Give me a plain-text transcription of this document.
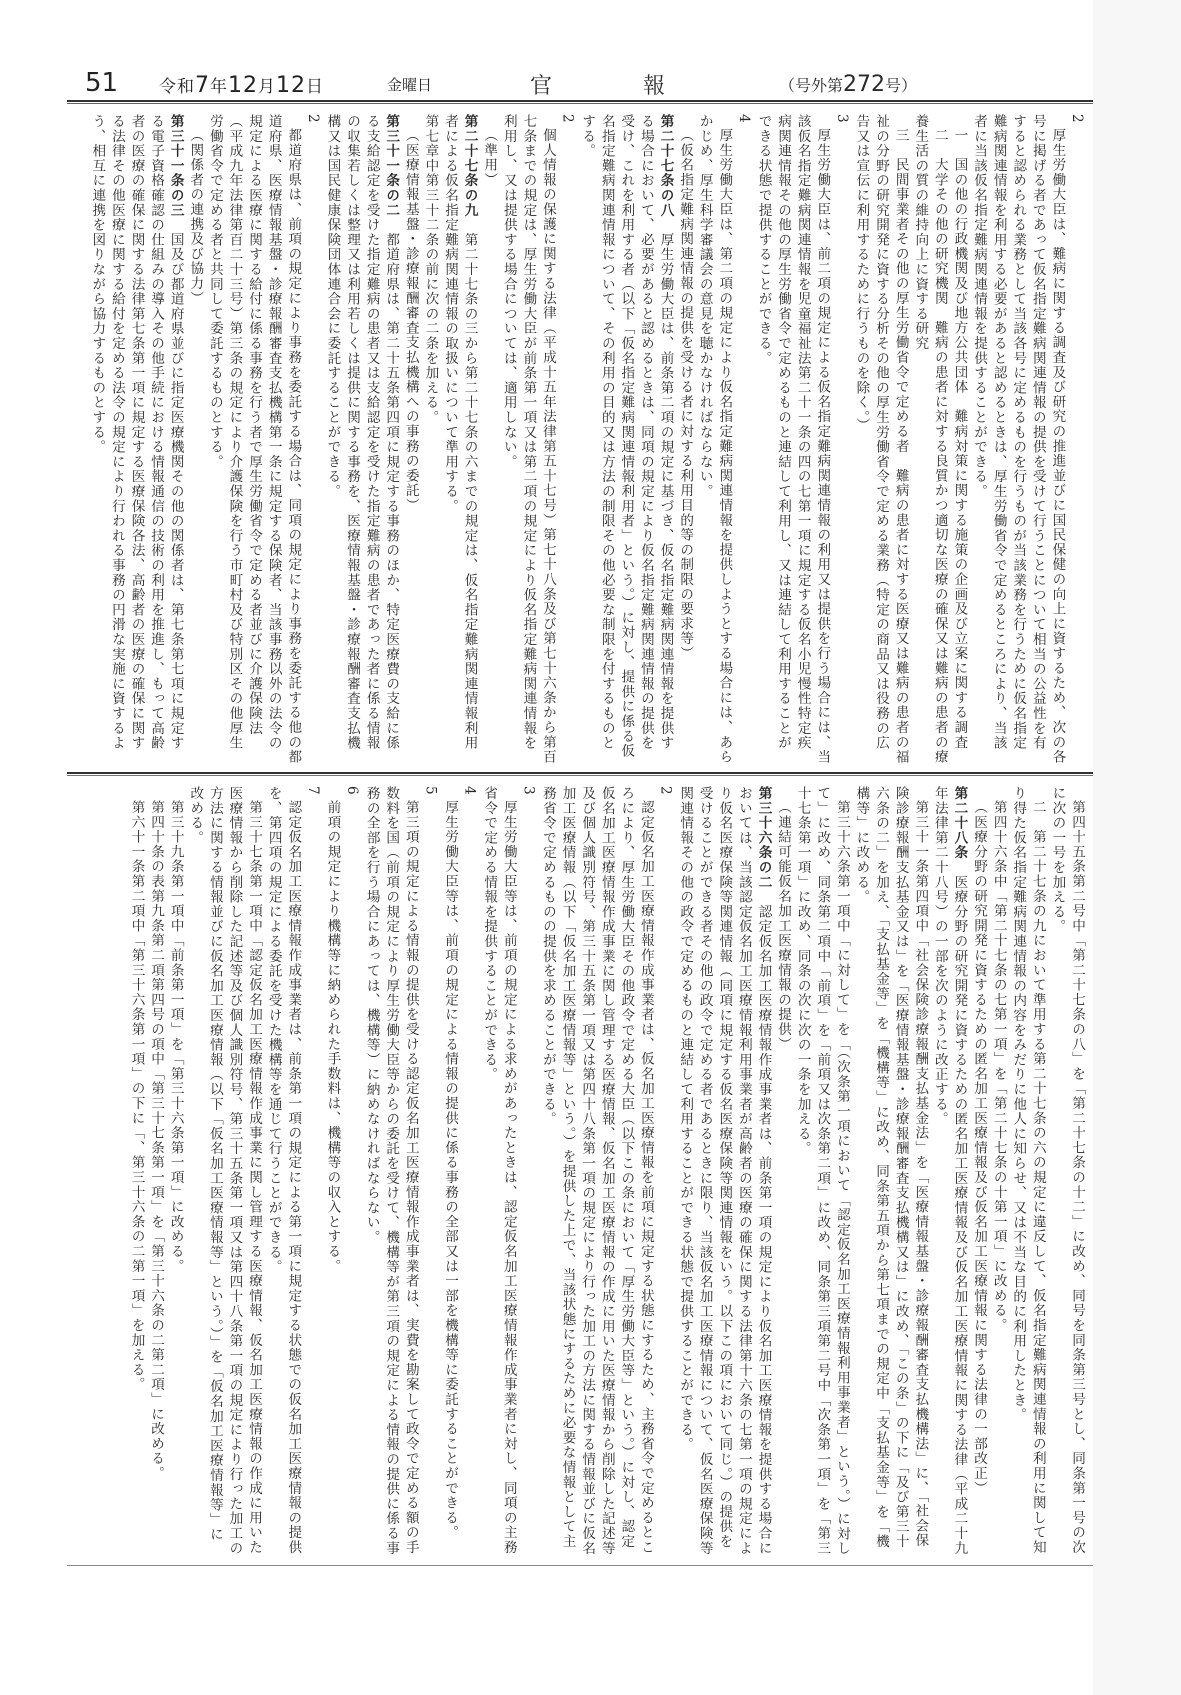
51 令和7年12月12日	金曜日	官	報	（号外第272号）

2

厚生労働大臣は、難病に関する調査及び研究の推進並びに国民保健の向上に資するため、次の各号に掲げる者であって仮名指定難病関連情報の提供を受けて行うことについて相当の公益性を有すると認められる業務として当該各号に定めるものを行うものが当該業務を行うために仮名指定難病関連情報を利用する必要があると認めるときは、厚生労働省令で定めるところにより、当該者に当該仮名指定難病関連情報を提供することができる。

一　国の他の行政機関及び地方公共団体　難病対策に関する施策の企画及び立案に関する調査

二　大学その他の研究機関　難病の患者に対する良質かつ適切な医療の確保又は難病の患者の療養生活の質の維持向上に資する研究

三　民間事業者その他の厚生労働省令で定める者　難病の患者に対する医療又は難病の患者の福祉の分野の研究開発に資する分析その他の厚生労働省令で定める業務（特定の商品又は役務の広告又は宣伝に利用するために行うものを除く。）

3

厚生労働大臣は、前二項の規定による仮名指定難病関連情報の利用又は提供を行う場合には、当該仮名指定難病関連情報を児童福祉法第二十一条の四の七第一項に規定する仮名小児慢性特定疾病関連情報その他の厚生労働省令で定めるものと連結して利用し、又は連結して利用することができる状態で提供することができる。

4

厚生労働大臣は、第二項の規定により仮名指定難病関連情報を提供しようとする場合には、あらかじめ、厚生科学審議会の意見を聴かなければならない。

（仮名指定難病関連情報の提供を受ける者に対する利用目的等の制限の要求等）

第二十七条の八　厚生労働大臣は、前条第二項の規定に基づき、仮名指定難病関連情報を提供する場合において、必要があると認めるときは、同項の規定により仮名指定難病関連情報の提供を受け、これを利用する者（以下「仮名指定難病関連情報利用者」という。）に対し、提供に係る仮名指定難病関連情報について、その利用の目的又は方法の制限その他必要な制限を付するものとする。

2

個人情報の保護に関する法律（平成十五年法律第五十七号）第七十八条及び第七十六条から第百七条までの規定は、厚生労働大臣が前条第一項又は第二項の規定により仮名指定難病関連情報を利用し、又は提供する場合については、適用しない。

（準用）

第二十七条の九　第二十七条の三から第二十七条の六までの規定は、仮名指定難病関連情報利用者による仮名指定難病関連情報の取扱いについて準用する。

第七章中第三十二条の前に次の二条を加える。

（医療情報基盤・診療報酬審査支払機構への事務の委託）

第三十一条の二　都道府県は、第二十五条第四項に規定する事務のほか、特定医療費の支給に係る支給認定を受けた指定難病の患者又は支給認定を受けた指定難病の患者であった者に係る情報の収集若しくは整理又は利用若しくは提供に関する事務を、医療情報基盤・診療報酬審査支払機構又は国民健康保険団体連合会に委託することができる。

2

都道府県は、前項の規定により事務を委託する場合は、同項の規定により事務を委託する他の都道府県、医療情報基盤・診療報酬審査支払機構第一条に規定する保険者、当該事務以外の法令の規定による医療に関する給付に係る事務を行う者で厚生労働省令で定める者並びに介護保険法（平成九年法律第百二十三号）第三条の規定により介護保険を行う市町村及び特別区その他厚生労働省令で定める者と共同して委託するものとする。

（関係者の連携及び協力）

第三十一条の三　国及び都道府県並びに指定医療機関その他の関係者は、第七条第七項に規定する電子資格確認の仕組みの導入その他手続における情報通信の技術の利用を推進し、もって高齢者の医療の確保に関する法律第七条第一項に規定する医療保険各法、高齢者の医療の確保に関する法律その他医療に関する給付を定める法令の規定により行われる事務の円滑な実施に資するよう、相互に連携を図りながら協力するものとする。

第四十五条第二号中「第二十七条の八」を「第二十七条の十二」に改め、同号を同条第三号とし、同条第一号の次に次の一号を加える。

二　第二十七条の九において準用する第二十七条の六の規定に違反して、仮名指定難病関連情報の利用に関して知り得た仮名指定難病関連情報の内容をみだりに他人に知らせ、又は不当な目的に利用したとき。

第四十六条中「第二十七条の七第一項」を「第二十七条の十第一項」に改める。

（医療分野の研究開発に資するための匿名加工医療情報及び仮名加工医療情報に関する法律の一部改正）

第二十八条　医療分野の研究開発に資するための匿名加工医療情報及び仮名加工医療情報に関する法律（平成二十九年法律第二十八号）の一部を次のように改正する。

第三十一条第四項中「社会保険診療報酬支払基金法」を「医療情報基盤・診療報酬審査支払機構法」に、「社会保険診療報酬支払基金又は」を「医療情報基盤・診療報酬審査支払機構又は」に改め、「この条」の下に「及び第三十六条の二」を加え、「支払基金等」を「機構等」に改め、同条第五項から第七項までの規定中「支払基金等」を「機構等」に改める。

第三十六条第一項中「に対して」を「（次条第一項において「認定仮名加工医療情報利用事業者」という。）に対して」に改め、同条第二項中「前項」を「前項又は次条第二項」に改め、同条第三項第二号中「次条第一項」を「第三十七条第一項」に改め、同条の次に次の一条を加える。

（連結可能仮名加工医療情報の提供）

第三十六条の二　認定仮名加工医療情報作成事業者は、前条第一項の規定により仮名加工医療情報を提供する場合においては、当該認定仮名加工医療情報利用事業者が高齢者の医療の確保に関する法律第十六条の七第一項の規定により仮名医療保険等関連情報（同項に規定する仮名医療保険等関連情報をいう。以下この項において同じ。）の提供を受けることができる者その他の政令で定める者であるときに限り、当該仮名加工医療情報について、仮名医療保険等関連情報その他の政令で定めるものと連結して利用することができる状態で提供することができる。

2

認定仮名加工医療情報作成事業者は、仮名加工医療情報を前項に規定する状態にするため、主務省令で定めるところにより、厚生労働大臣その他政令で定める大臣（以下この条において「厚生労働大臣等」という。）に対し、認定仮名加工医療情報作成事業に関し管理する医療情報、仮名加工医療情報の作成に用いた医療情報から削除した記述等及び個人識別符号、第三十五条第一項又は第四十八条第一項の規定により行った加工の方法に関する情報並びに仮名加工医療情報（以下「仮名加工医療情報等」という。）を提供した上で、当該状態にするために必要な情報として主務省令で定めるものの提供を求めることができる。

3

厚生労働大臣等は、前項の規定による求めがあったときは、認定仮名加工医療情報作成事業者に対し、同項の主務省令で定める情報を提供することができる。

4

厚生労働大臣等は、前項の規定による情報の提供に係る事務の全部又は一部を機構等に委託することができる。

5

第三項の規定による情報の提供を受ける認定仮名加工医療情報作成事業者は、実費を勘案して政令で定める額の手数料を国（前項の規定により厚生労働大臣等からの委託を受けて、機構等が第三項の規定による情報の提供に係る事務の全部を行う場合にあっては、機構等）に納めなければならない。

6

前項の規定により機構等に納められた手数料は、機構等の収入とする。

7

認定仮名加工医療情報作成事業者は、前条第一項の規定による第一項に規定する状態での仮名加工医療情報の提供を、第四項の規定による委託を受けた機構等を通じて行うことができる。

第三十七条第一項中「認定仮名加工医療情報作成事業に関し管理する医療情報、仮名加工医療情報の作成に用いた医療情報から削除した記述等及び個人識別符号、第三十五条第一項又は第四十八条第一項の規定により行った加工の方法に関する情報並びに仮名加工医療情報（以下「仮名加工医療情報等」という。）」を「仮名加工医療情報等」に改める。

第三十九条第一項中「前条第一項」を「第三十六条第一項」に改める。

第四十条の表第九条第二項第四号の項中「第三十七条第一項」を「第三十六条の二第二項」に改める。

第六十一条第二項中「第三十六条第一項」の下に「、第三十六条の二第一項」を加える。
